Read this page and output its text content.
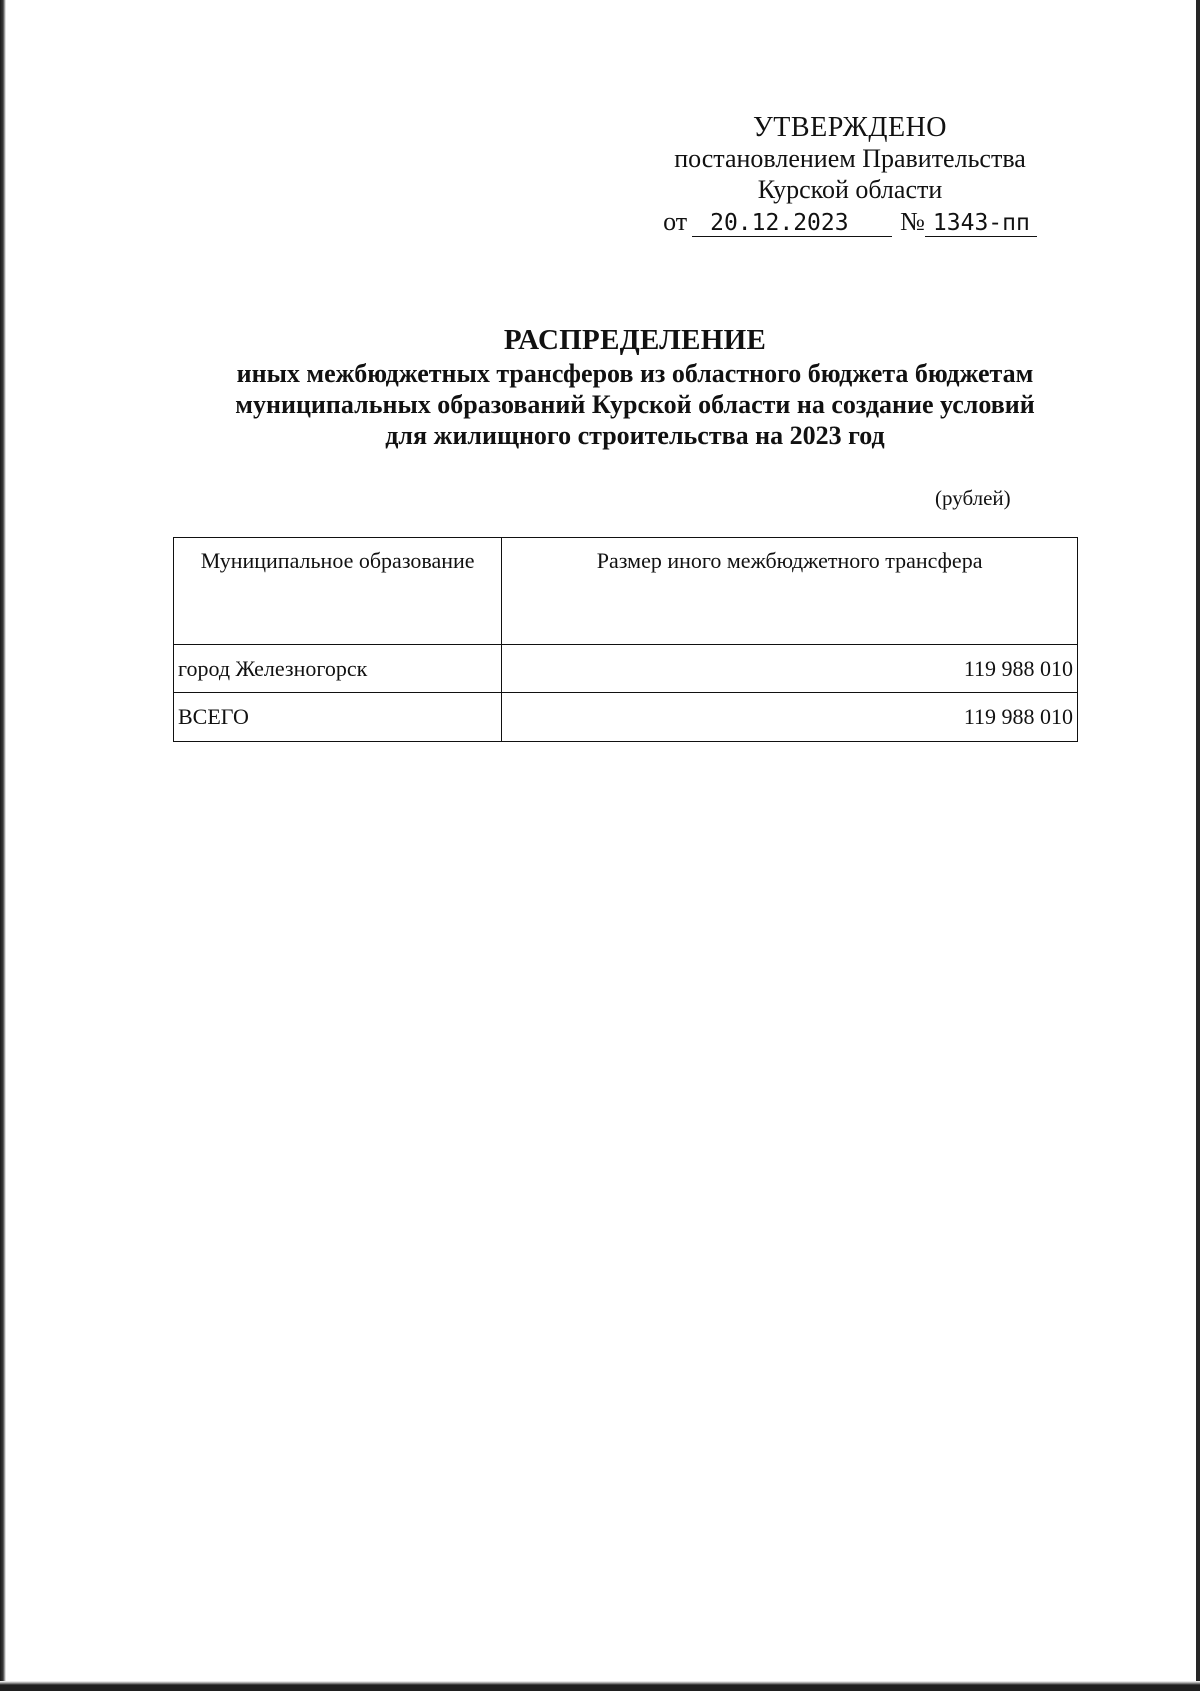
УТВЕРЖДЕНО
постановлением Правительства
Курской области
от	20.12.2023	№ 1343-пп
РАСПРЕДЕЛЕНИЕ
иных межбюджетных трансферов из областного бюджета бюджетам
муниципальных образований Курской области на создание условий
для жилищного строительства на 2023 год
(рублей)
Муниципальное образование	Размер иного межбюджетного трансфера
город Железногорск	119 988 010
ВСЕГО	119 988 010
